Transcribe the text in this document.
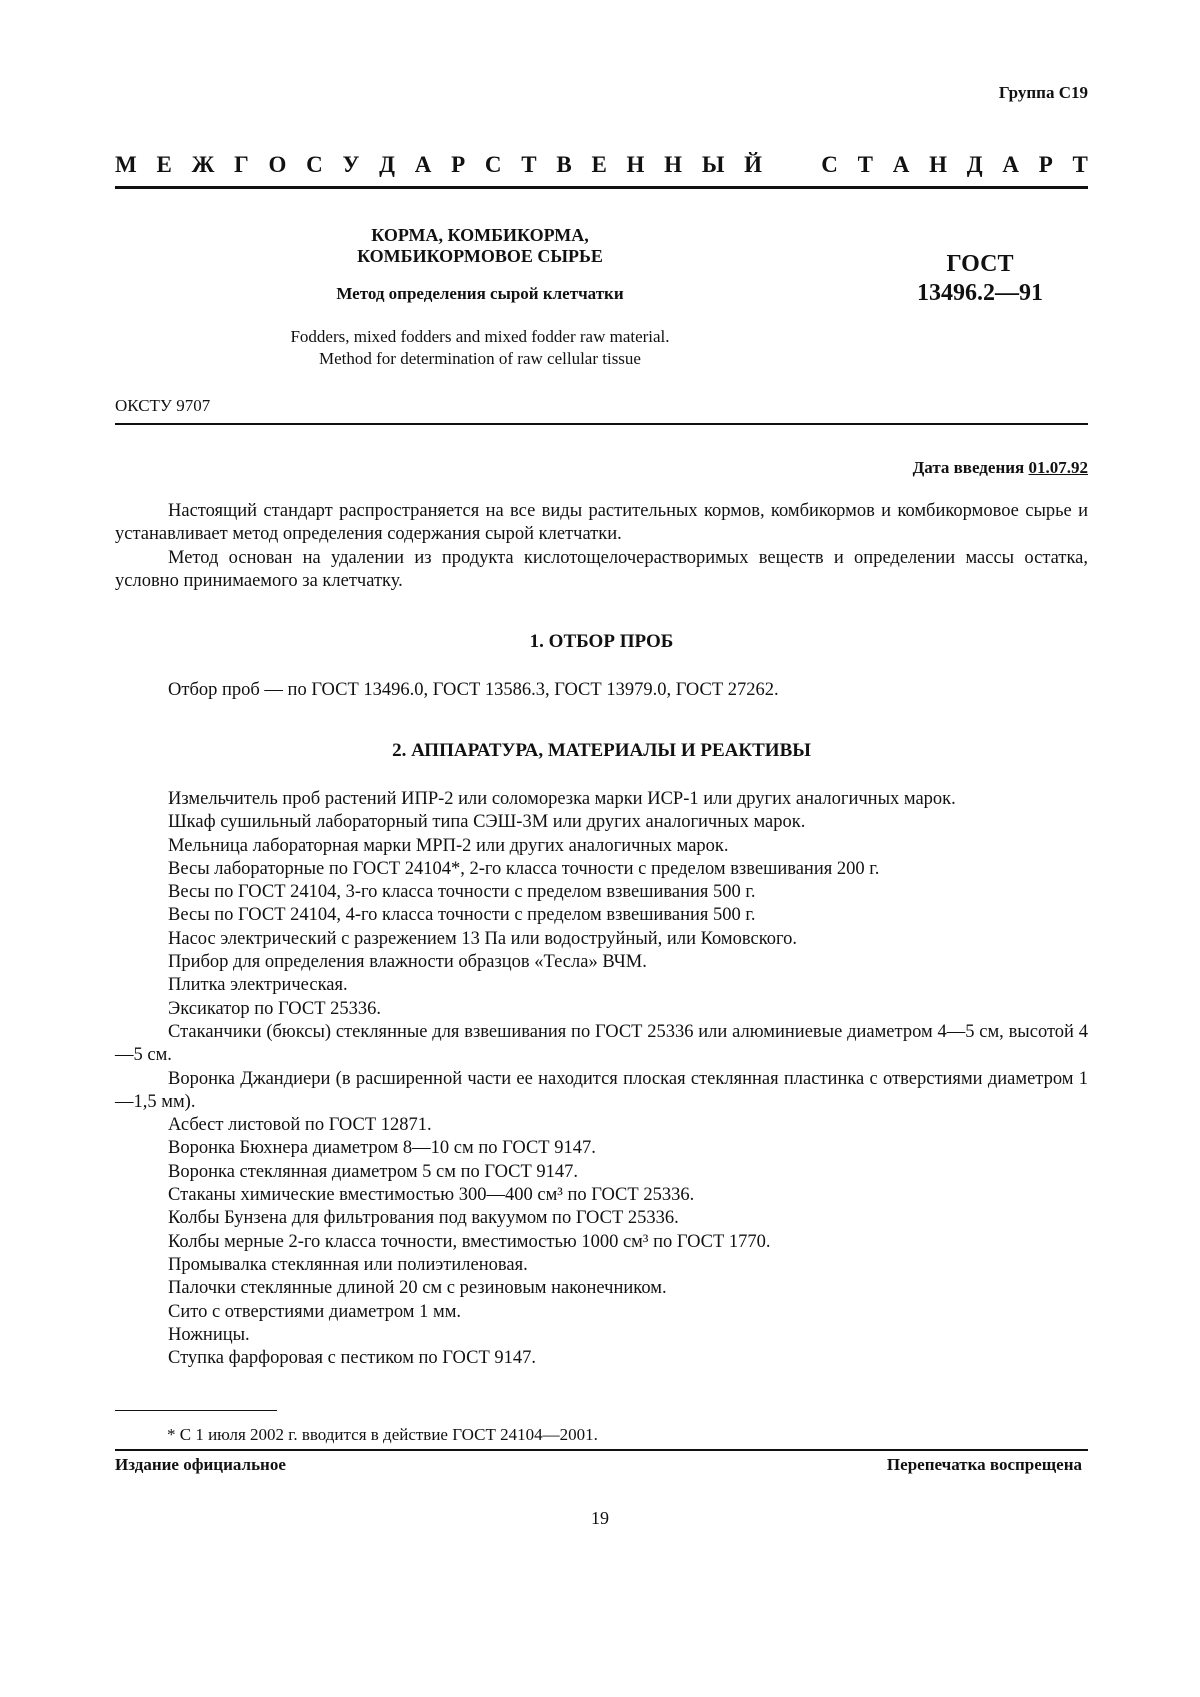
Группа С19
М Е Ж Г О С У Д А Р С Т В Е Н Н Ы Й	С Т А Н Д А Р Т
КОРМА, КОМБИКОРМА,
КОМБИКОРМОВОЕ СЫРЬЕ
Метод определения сырой клетчатки
Fodders, mixed fodders and mixed fodder raw material.
Method for determination of raw cellular tissue
ГОСТ
13496.2—91
ОКСТУ 9707
Дата введения 01.07.92
Настоящий стандарт распространяется на все виды растительных кормов, комбикормов и комбикормовое сырье и устанавливает метод определения содержания сырой клетчатки.
Метод основан на удалении из продукта кислотощелочерастворимых веществ и определении массы остатка, условно принимаемого за клетчатку.
1. ОТБОР ПРОБ
Отбор проб — по ГОСТ 13496.0, ГОСТ 13586.3, ГОСТ 13979.0, ГОСТ 27262.
2. АППАРАТУРА, МАТЕРИАЛЫ И РЕАКТИВЫ
Измельчитель проб растений ИПР-2 или соломорезка марки ИСР-1 или других аналогичных марок.
Шкаф сушильный лабораторный типа СЭШ-3М или других аналогичных марок.
Мельница лабораторная марки МРП-2 или других аналогичных марок.
Весы лабораторные по ГОСТ 24104*, 2-го класса точности с пределом взвешивания 200 г.
Весы по ГОСТ 24104, 3-го класса точности с пределом взвешивания 500 г.
Весы по ГОСТ 24104, 4-го класса точности с пределом взвешивания 500 г.
Насос электрический с разрежением 13 Па или водоструйный, или Комовского.
Прибор для определения влажности образцов «Тесла» ВЧМ.
Плитка электрическая.
Эксикатор по ГОСТ 25336.
Стаканчики (бюксы) стеклянные для взвешивания по ГОСТ 25336 или алюминиевые диаметром 4—5 см, высотой 4—5 см.
Воронка Джандиери (в расширенной части ее находится плоская стеклянная пластинка с отверстиями диаметром 1—1,5 мм).
Асбест листовой по ГОСТ 12871.
Воронка Бюхнера диаметром 8—10 см по ГОСТ 9147.
Воронка стеклянная диаметром 5 см по ГОСТ 9147.
Стаканы химические вместимостью 300—400 см³ по ГОСТ 25336.
Колбы Бунзена для фильтрования под вакуумом по ГОСТ 25336.
Колбы мерные 2-го класса точности, вместимостью 1000 см³ по ГОСТ 1770.
Промывалка стеклянная или полиэтиленовая.
Палочки стеклянные длиной 20 см с резиновым наконечником.
Сито с отверстиями диаметром 1 мм.
Ножницы.
Ступка фарфоровая с пестиком по ГОСТ 9147.
* С 1 июля 2002 г. вводится в действие ГОСТ 24104—2001.
Издание официальное	Перепечатка воспрещена
19
